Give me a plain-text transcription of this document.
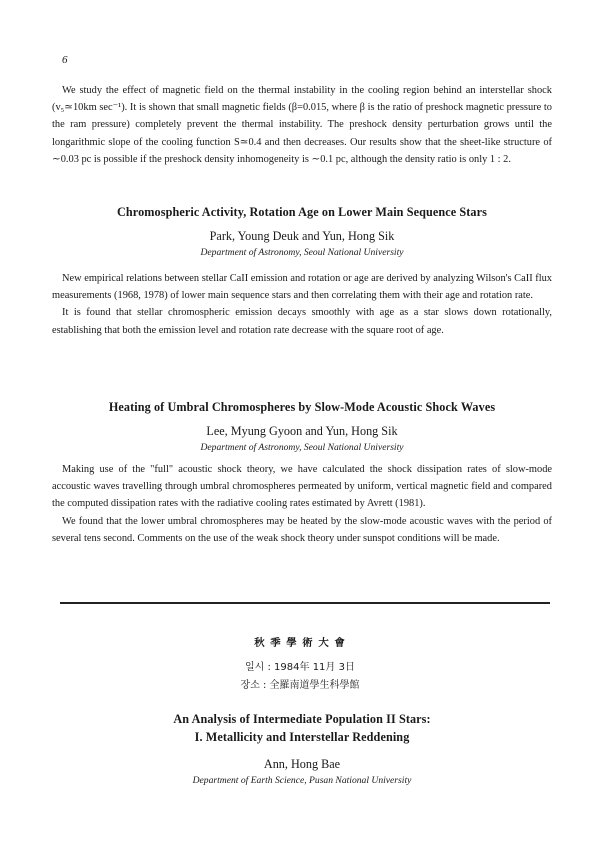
6

We study the effect of magnetic field on the thermal instability in the cooling region behind an interstellar shock (v₅≃10km sec⁻¹). It is shown that small magnetic fields (β=0.015, where β is the ratio of preshock magnetic pressure to the ram pressure) completely prevent the thermal instability. The preshock density perturbation grows until the longarithmic slope of the cooling function S≃0.4 and then decreases. Our results show that the sheet-like structure of ∼0.03 pc is possible if the preshock density inhomogeneity is ∼0.1 pc, although the density ratio is only 1 : 2.

Chromospheric Activity, Rotation Age on Lower Main Sequence Stars
Park, Young Deuk and Yun, Hong Sik
Department of Astronomy, Seoul National University

New empirical relations between stellar CaII emission and rotation or age are derived by analyzing Wilson's CaII flux measurements (1968, 1978) of lower main sequence stars and then correlating them with their age and rotation rate.

It is found that stellar chromospheric emission decays smoothly with age as a star slows down rotationally, establishing that both the emission level and rotation rate decrease with the square root of age.

Heating of Umbral Chromospheres by Slow-Mode Acoustic Shock Waves
Lee, Myung Gyoon and Yun, Hong Sik
Department of Astronomy, Seoul National University

Making use of the "full" acoustic shock theory, we have calculated the shock dissipation rates of slow-mode accoustic waves travelling through umbral chromospheres permeated by uniform, vertical magnetic field and compared the computed dissipation rates with the radiative cooling rates estimated by Avrett (1981).

We found that the lower umbral chromospheres may be heated by the slow-mode acoustic waves with the period of several tens second. Comments on the use of the weak shock theory under sunspot conditions will be made.

秋 季 學 術 大 會
일시 : 1984年 11月 3日
장소 : 全羅南道學生科學館
An Analysis of Intermediate Population II Stars:
I. Metallicity and Interstellar Reddening
Ann, Hong Bae
Department of Earth Science, Pusan National University
